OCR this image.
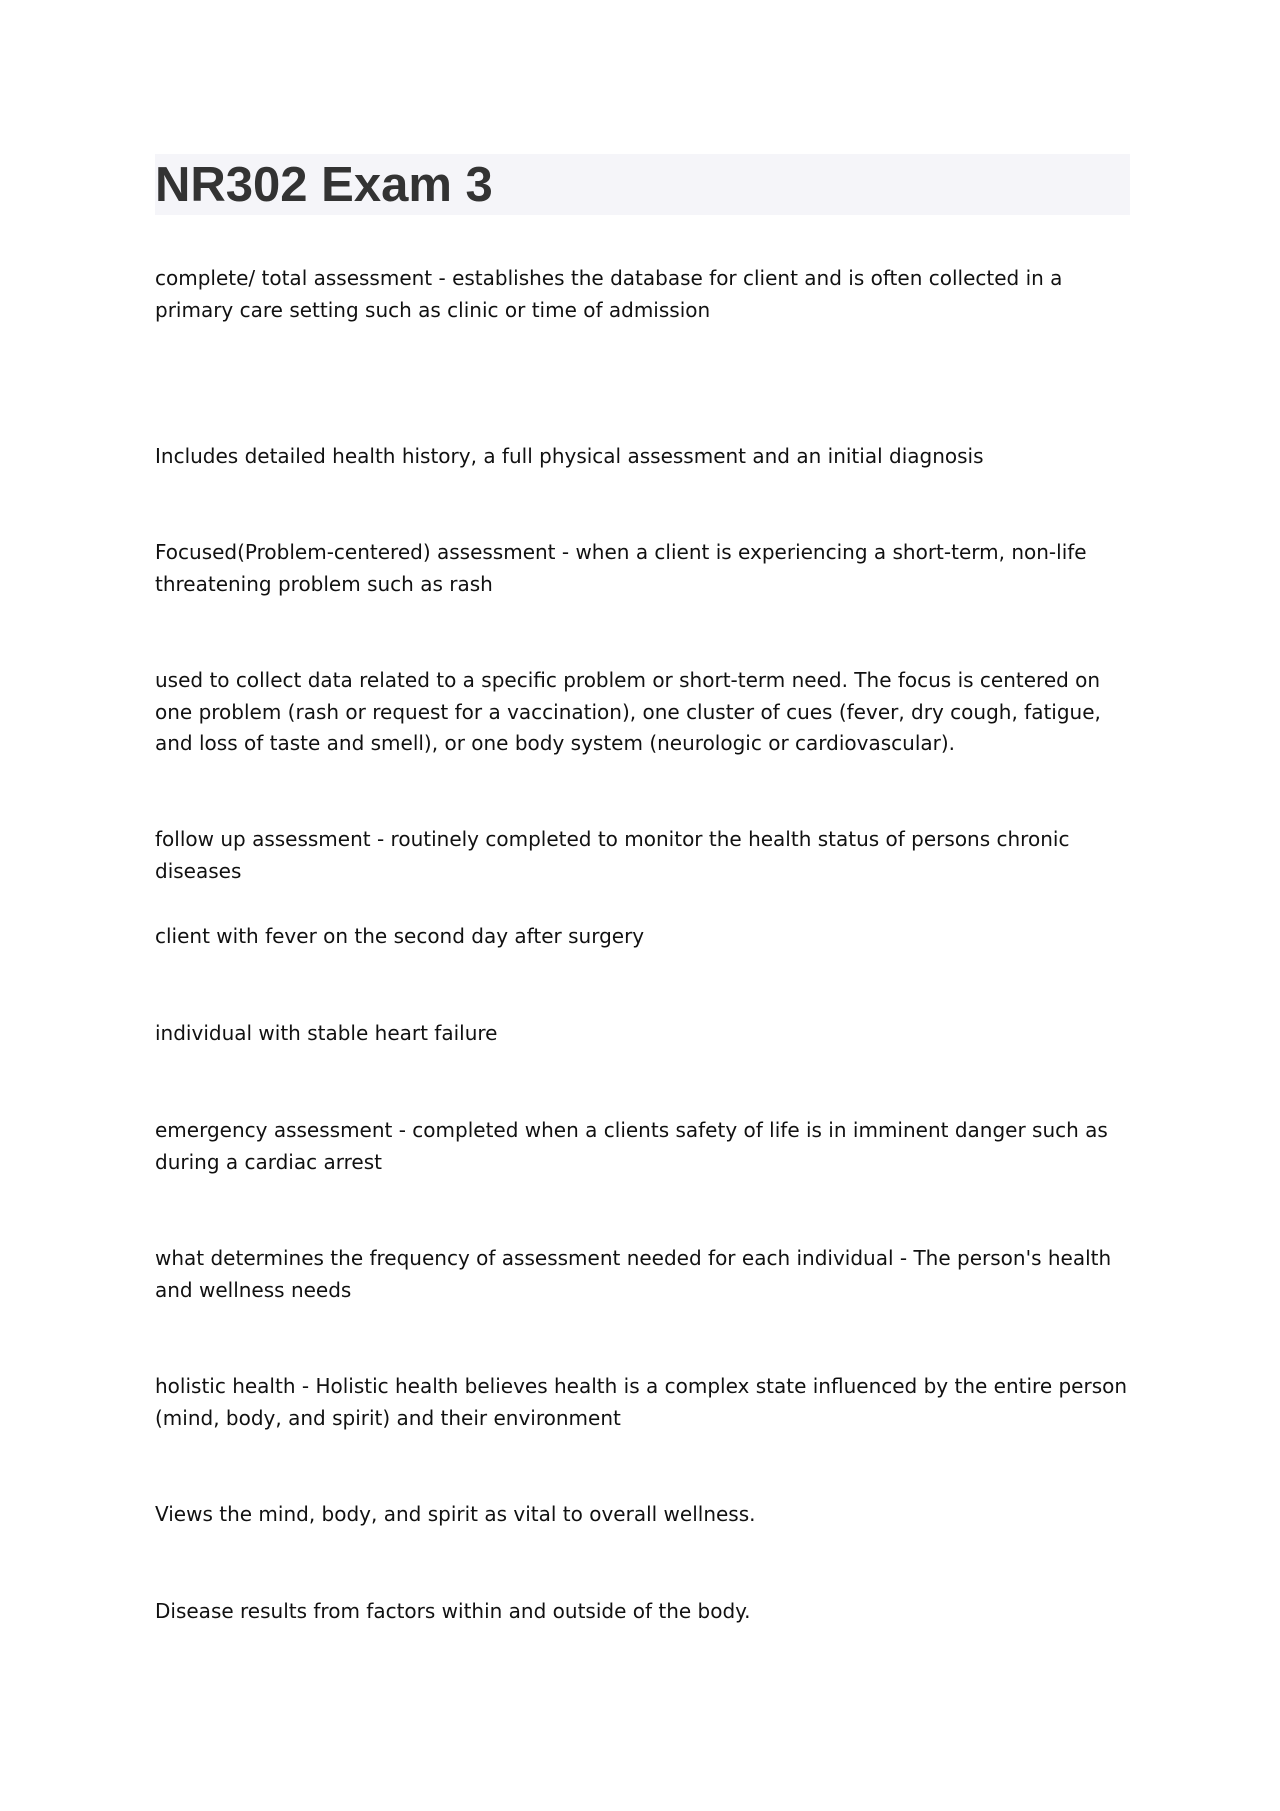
NR302 Exam 3

complete/ total assessment - establishes the database for client and is often collected in a primary care setting such as clinic or time of admission

Includes detailed health history, a full physical assessment and an initial diagnosis

Focused(Problem-centered) assessment - when a client is experiencing a short-term, non-life threatening problem such as rash

used to collect data related to a specific problem or short-term need. The focus is centered on one problem (rash or request for a vaccination), one cluster of cues (fever, dry cough, fatigue, and loss of taste and smell), or one body system (neurologic or cardiovascular).

follow up assessment - routinely completed to monitor the health status of persons chronic diseases

client with fever on the second day after surgery

individual with stable heart failure

emergency assessment - completed when a clients safety of life is in imminent danger such as during a cardiac arrest

what determines the frequency of assessment needed for each individual - The person's health and wellness needs

holistic health - Holistic health believes health is a complex state influenced by the entire person (mind, body, and spirit) and their environment

Views the mind, body, and spirit as vital to overall wellness.

Disease results from factors within and outside of the body.
